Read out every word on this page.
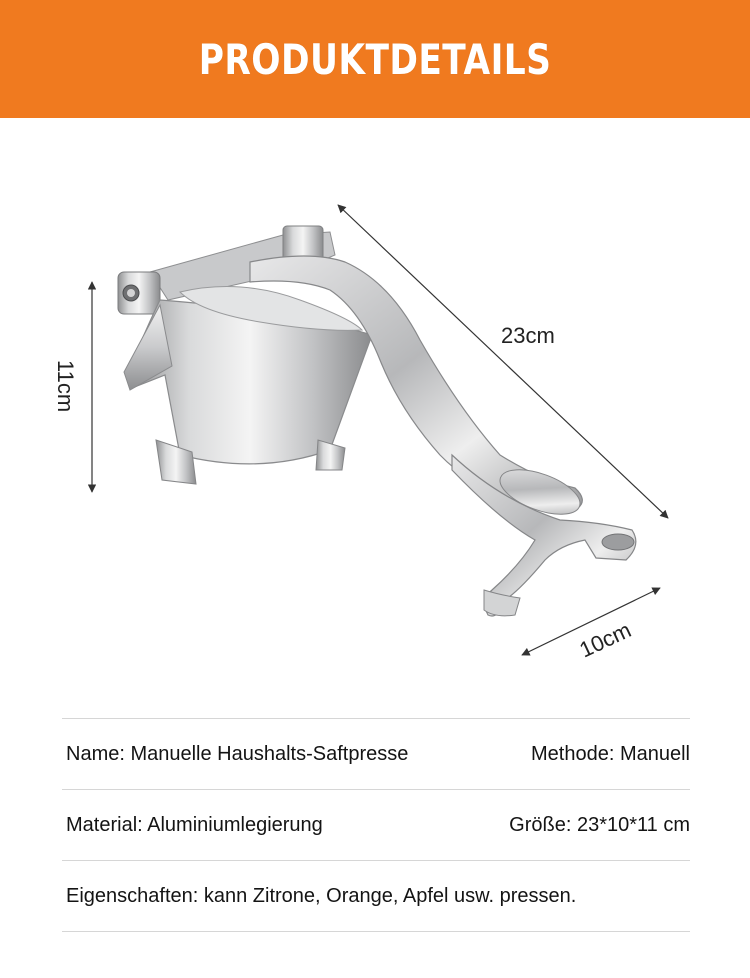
PRODUKTDETAILS
11cm
23cm
10cm
Name: Manuelle Haushalts-Saftpresse	Methode: Manuell
Material: Aluminiumlegierung	Größe: 23*10*11 cm
Eigenschaften: kann Zitrone, Orange, Apfel usw. pressen.
